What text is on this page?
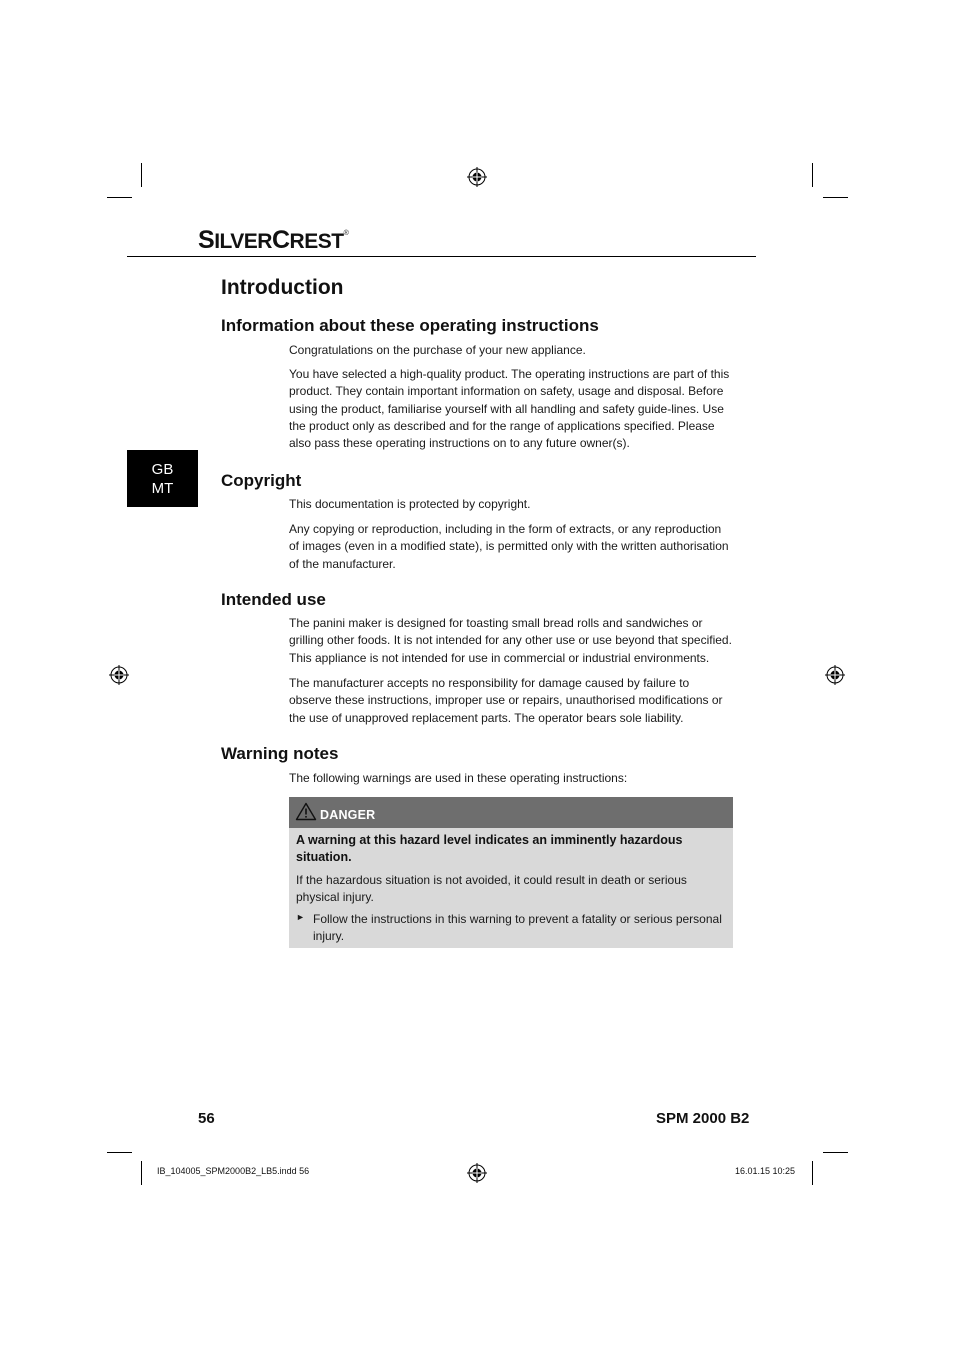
SILVERCREST®
Introduction
GB
MT
Information about these operating instructions

Congratulations on the purchase of your new appliance.

You have selected a high-quality product. The operating instructions are part of this product. They contain important information on safety, usage and disposal. Before using the product, familiarise yourself with all handling and safety guide-lines. Use the product only as described and for the range of applications specified. Please also pass these operating instructions on to any future owner(s).

Copyright

This documentation is protected by copyright.

Any copying or reproduction, including in the form of extracts, or any reproduction of images (even in a modified state), is permitted only with the written authorisation of the manufacturer.

Intended use

The panini maker is designed for toasting small bread rolls and sandwiches or grilling other foods. It is not intended for any other use or use beyond that specified. This appliance is not intended for use in commercial or industrial environments.

The manufacturer accepts no responsibility for damage caused by failure to observe these instructions, improper use or repairs, unauthorised modifications or the use of unapproved replacement parts. The operator bears sole liability.

Warning notes

The following warnings are used in these operating instructions:

DANGER
A warning at this hazard level indicates an imminently hazardous situation.
If the hazardous situation is not avoided, it could result in death or serious physical injury.
► Follow the instructions in this warning to prevent a fatality or serious personal injury.
56	SPM 2000 B2
IB_104005_SPM2000B2_LB5.indd 56	16.01.15 10:25
